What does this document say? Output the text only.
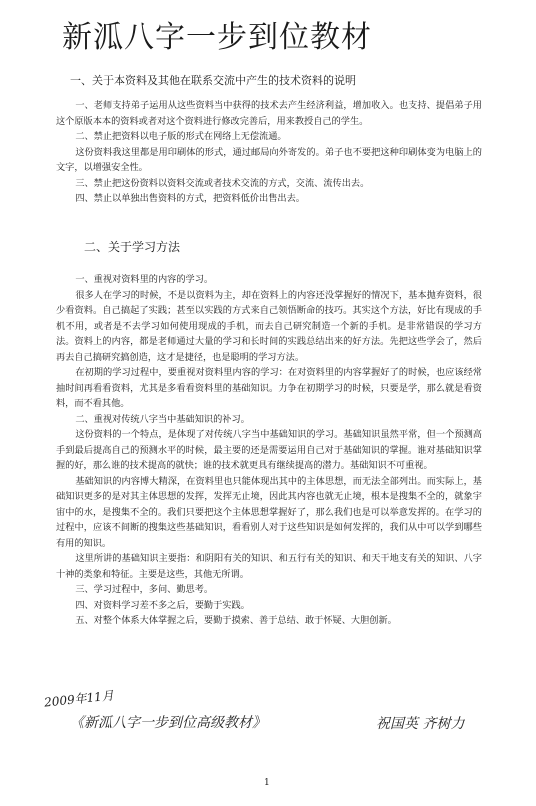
新泒八字一步到位教材
一、关于本资料及其他在联系交流中产生的技术资料的说明

一、老师支持弟子运用从这些资料当中获得的技术去产生经济利益，增加收入。也支持、提倡弟子用这个原版本本的资料或者对这个资料进行修改完善后，用来教授自己的学生。

二、禁止把资料以电子版的形式在网络上无偿流通。

这份资料我这里都是用印刷体的形式，通过邮局向外寄发的。弟子也不要把这种印刷体变为电脑上的文字，以增强安全性。

三、禁止把这份资料以资料交流或者技术交流的方式，交流、流传出去。

四、禁止以单独出售资料的方式，把资料低价出售出去。

二、关于学习方法

一、重视对资料里的内容的学习。

很多人在学习的时候，不是以资料为主，却在资料上的内容还没掌握好的情况下，基本抛弃资料，很少看资料。自己搞起了实践；甚至以实践的方式来自己领悟断命的技巧。其实这个方法，好比有现成的手机不用，或者是不去学习如何使用现成的手机，而去自己研究制造一个新的手机。是非常错误的学习方法。资料上的内容，都是老师通过大量的学习和长时间的实践总结出来的好方法。先把这些学会了，然后再去自己搞研究搞创造，这才是捷径，也是聪明的学习方法。

在初期的学习过程中，要重视对资料里内容的学习：在对资料里的内容掌握好了的时候，也应该经常抽时间再看看资料，尤其是多看看资料里的基础知识。力争在初期学习的时候，只要是学，那么就是看资料，而不看其他。

二、重视对传统八字当中基础知识的补习。

这份资料的一个特点，是体现了对传统八字当中基础知识的学习。基础知识虽然平常，但一个预测高手到最后提高自己的预测水平的时候，最主要的还是需要运用自己对于基础知识的掌握。谁对基础知识掌握的好，那么谁的技术提高的就快；谁的技术就更具有继续提高的潜力。基础知识不可重视。

基础知识的内容博大精深，在资料里也只能体现出其中的主体思想，而无法全部列出。而实际上，基础知识更多的是对其主体思想的发挥，发挥无止境，因此其内容也就无止境，根本是搜集不全的，就象宇宙中的水，是搜集不全的。我们只要把这个主体思想掌握好了，那么我们也是可以举意发挥的。在学习的过程中，应该不间断的搜集这些基础知识，看看别人对于这些知识是如何发挥的，我们从中可以学到哪些有用的知识。

这里所讲的基础知识主要指：和阴阳有关的知识、和五行有关的知识、和天干地支有关的知识、八字十神的类象和特征。主要是这些，其他无所谓。

三、学习过程中，多问、勤思考。

四、对资料学习差不多之后，要勤于实践。

五、对整个体系大体掌握之后，要勤于摸索、善于总结、敢于怀疑、大胆创新。

2009年11月
《新泒八字一步到位高级教材》	祝国英 齐树力
1
